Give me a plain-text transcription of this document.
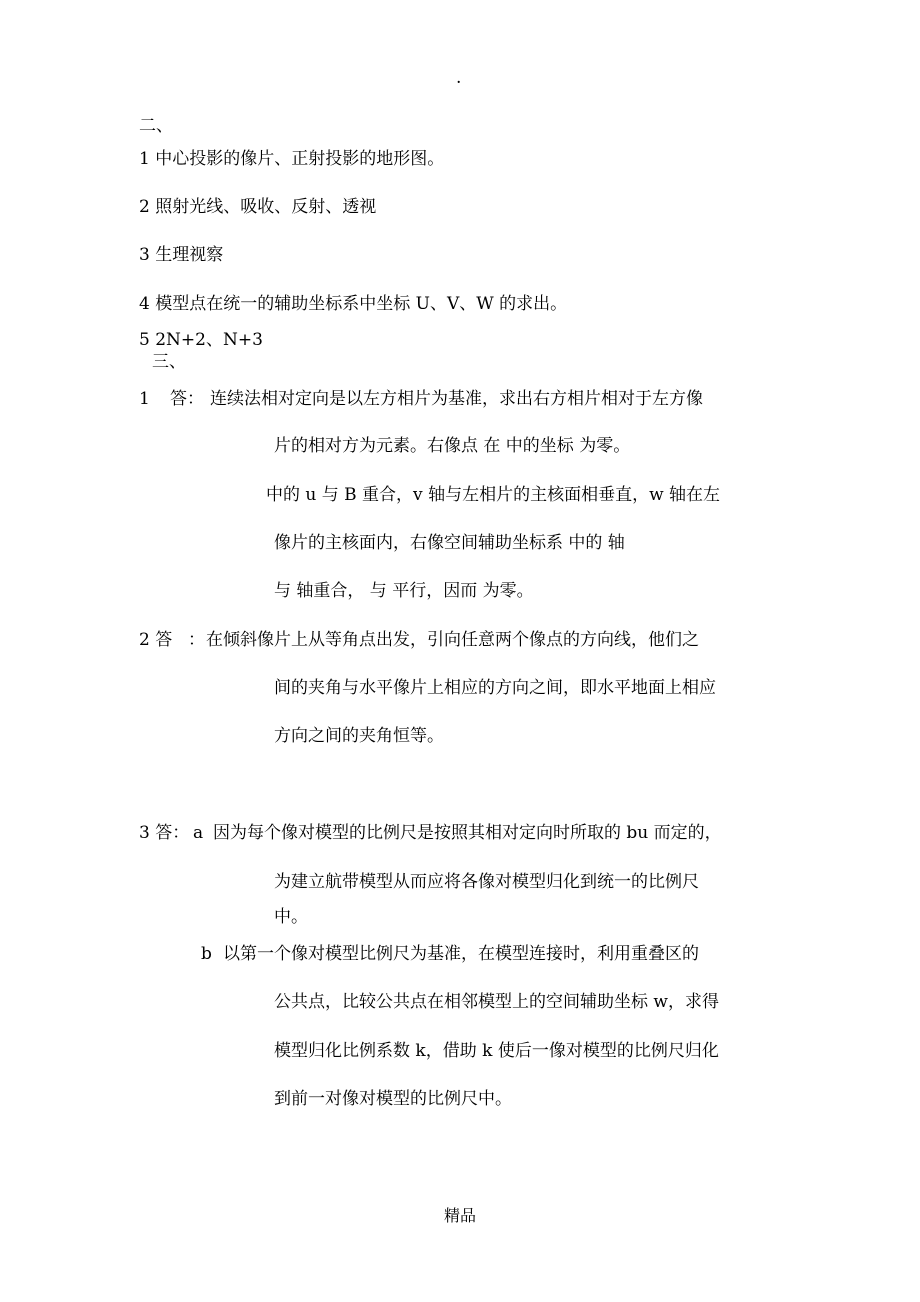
.
二、
1 中心投影的像片、正射投影的地形图。
2 照射光线、吸收、反射、透视
3 生理视察
4 模型点在统一的辅助坐标系中坐标 U、V、W 的求出。
5 2N+2、N+3
三、
1 答： 连续法相对定向是以左方相片为基准，求出右方相片相对于左方像
片的相对方为元素。右像点 在 中的坐标 为零。
中的 u 与 B 重合，v 轴与左相片的主核面相垂直，w 轴在左
像片的主核面内，右像空间辅助坐标系 中的 轴
与 轴重合， 与 平行，因而 为零。
2 答 ： 在倾斜像片上从等角点出发，引向任意两个像点的方向线，他们之
间的夹角与水平像片上相应的方向之间，即水平地面上相应
方向之间的夹角恒等。
3 答： a 因为每个像对模型的比例尺是按照其相对定向时所取的 bu 而定的，
为建立航带模型从而应将各像对模型归化到统一的比例尺
中。
b 以第一个像对模型比例尺为基准，在模型连接时，利用重叠区的
公共点，比较公共点在相邻模型上的空间辅助坐标 w，求得
模型归化比例系数 k，借助 k 使后一像对模型的比例尺归化
到前一对像对模型的比例尺中。
精品
